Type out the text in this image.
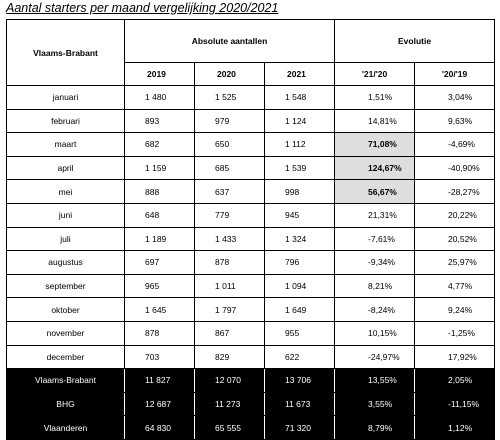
Aantal starters per maand vergelijking 2020/2021
Vlaams-Brabant	Absolute aantallen			Evolutie	
	2019	2020	2021	'21/'20	'20/'19
januari	1 480	1 525	1 548	1,51%	3,04%
februari	893	979	1 124	14,81%	9,63%
maart	682	650	1 112	71,08%	-4,69%
april	1 159	685	1 539	124,67%	-40,90%
mei	888	637	998	56,67%	-28,27%
juni	648	779	945	21,31%	20,22%
juli	1 189	1 433	1 324	-7,61%	20,52%
augustus	697	878	796	-9,34%	25,97%
september	965	1 011	1 094	8,21%	4,77%
oktober	1 645	1 797	1 649	-8,24%	9,24%
november	878	867	955	10,15%	-1,25%
december	703	829	622	-24,97%	17,92%
Vlaams-Brabant	11 827	12 070	13 706	13,55%	2,05%
BHG	12 687	11 273	11 673	3,55%	-11,15%
Vlaanderen	64 830	65 555	71 320	8,79%	1,12%
